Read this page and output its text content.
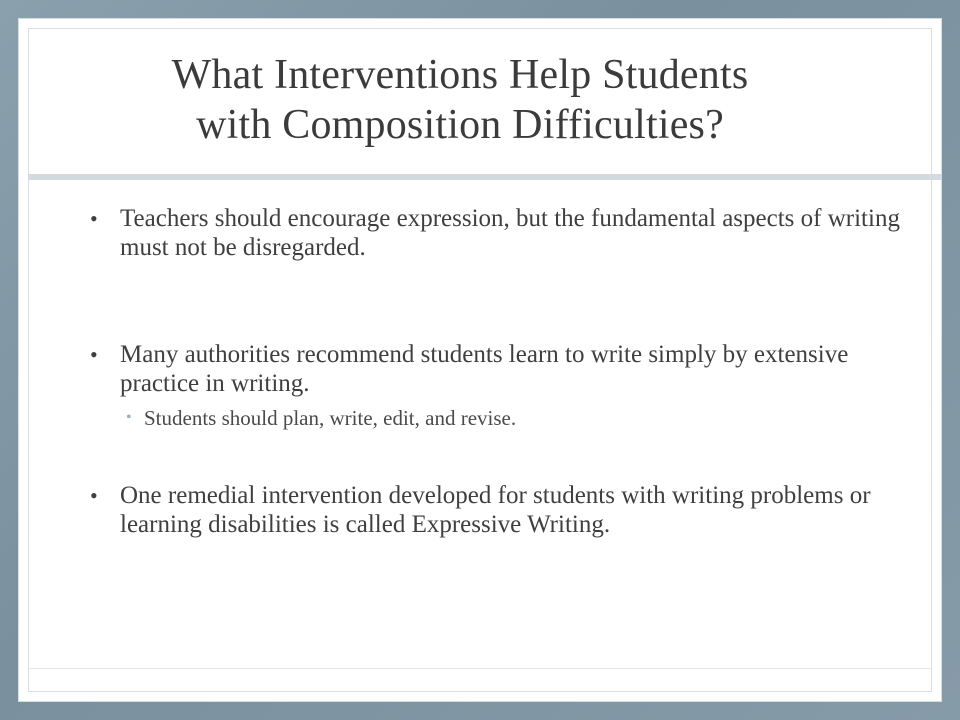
What Interventions Help Students
with Composition Difficulties?
• Teachers should encourage expression, but the fundamental aspects of writing must not be disregarded.
• Many authorities recommend students learn to write simply by extensive practice in writing.
• Students should plan, write, edit, and revise.
• One remedial intervention developed for students with writing problems or learning disabilities is called Expressive Writing.
